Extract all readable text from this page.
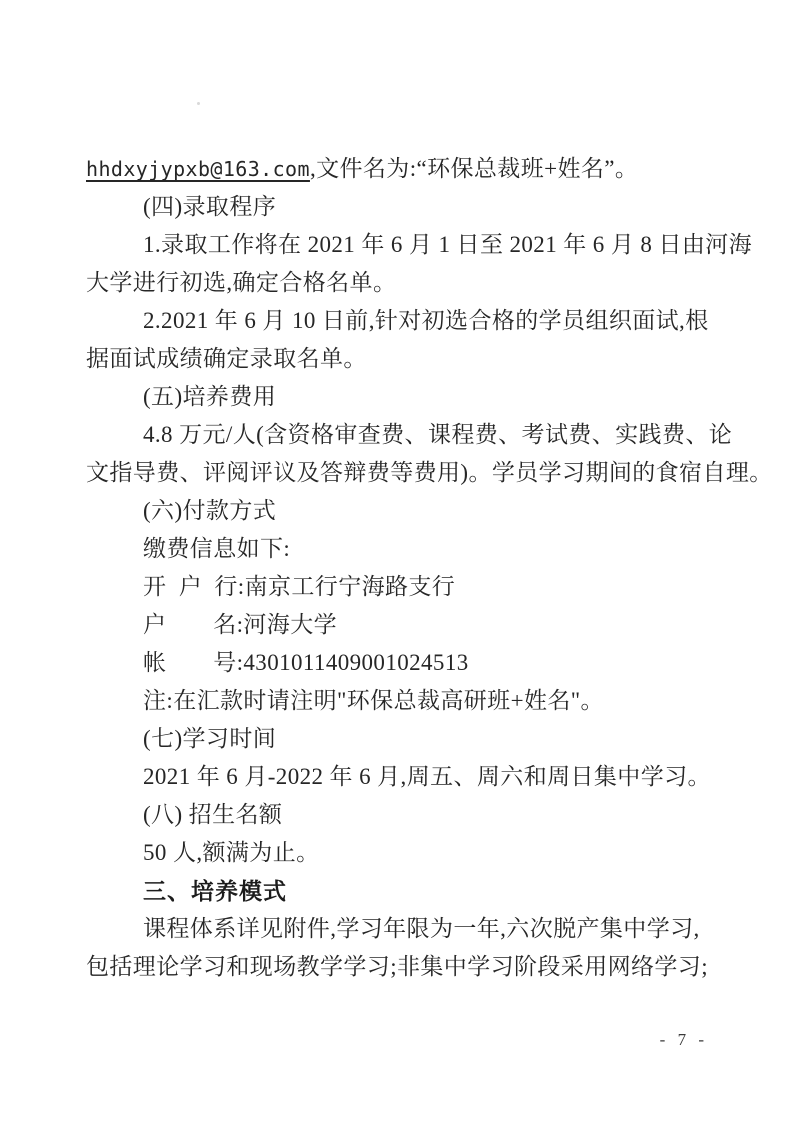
hhdxyjypxb@163.com,文件名为:“环保总裁班+姓名”。

(四)录取程序

1.录取工作将在 2021 年 6 月 1 日至 2021 年 6 月 8 日由河海

大学进行初选,确定合格名单。

2.2021 年 6 月 10 日前,针对初选合格的学员组织面试,根

据面试成绩确定录取名单。

(五)培养费用

4.8 万元/人(含资格审查费、课程费、考试费、实践费、论

文指导费、评阅评议及答辩费等费用)。学员学习期间的食宿自理。

(六)付款方式

缴费信息如下:

开  户  行:南京工行宁海路支行

户　　名:河海大学

帐　　号:4301011409001024513

注:在汇款时请注明"环保总裁高研班+姓名"。

(七)学习时间

2021 年 6 月-2022 年 6 月,周五、周六和周日集中学习。

(八) 招生名额

50 人,额满为止。

三、培养模式

课程体系详见附件,学习年限为一年,六次脱产集中学习,

包括理论学习和现场教学学习;非集中学习阶段采用网络学习;

- 7 -
